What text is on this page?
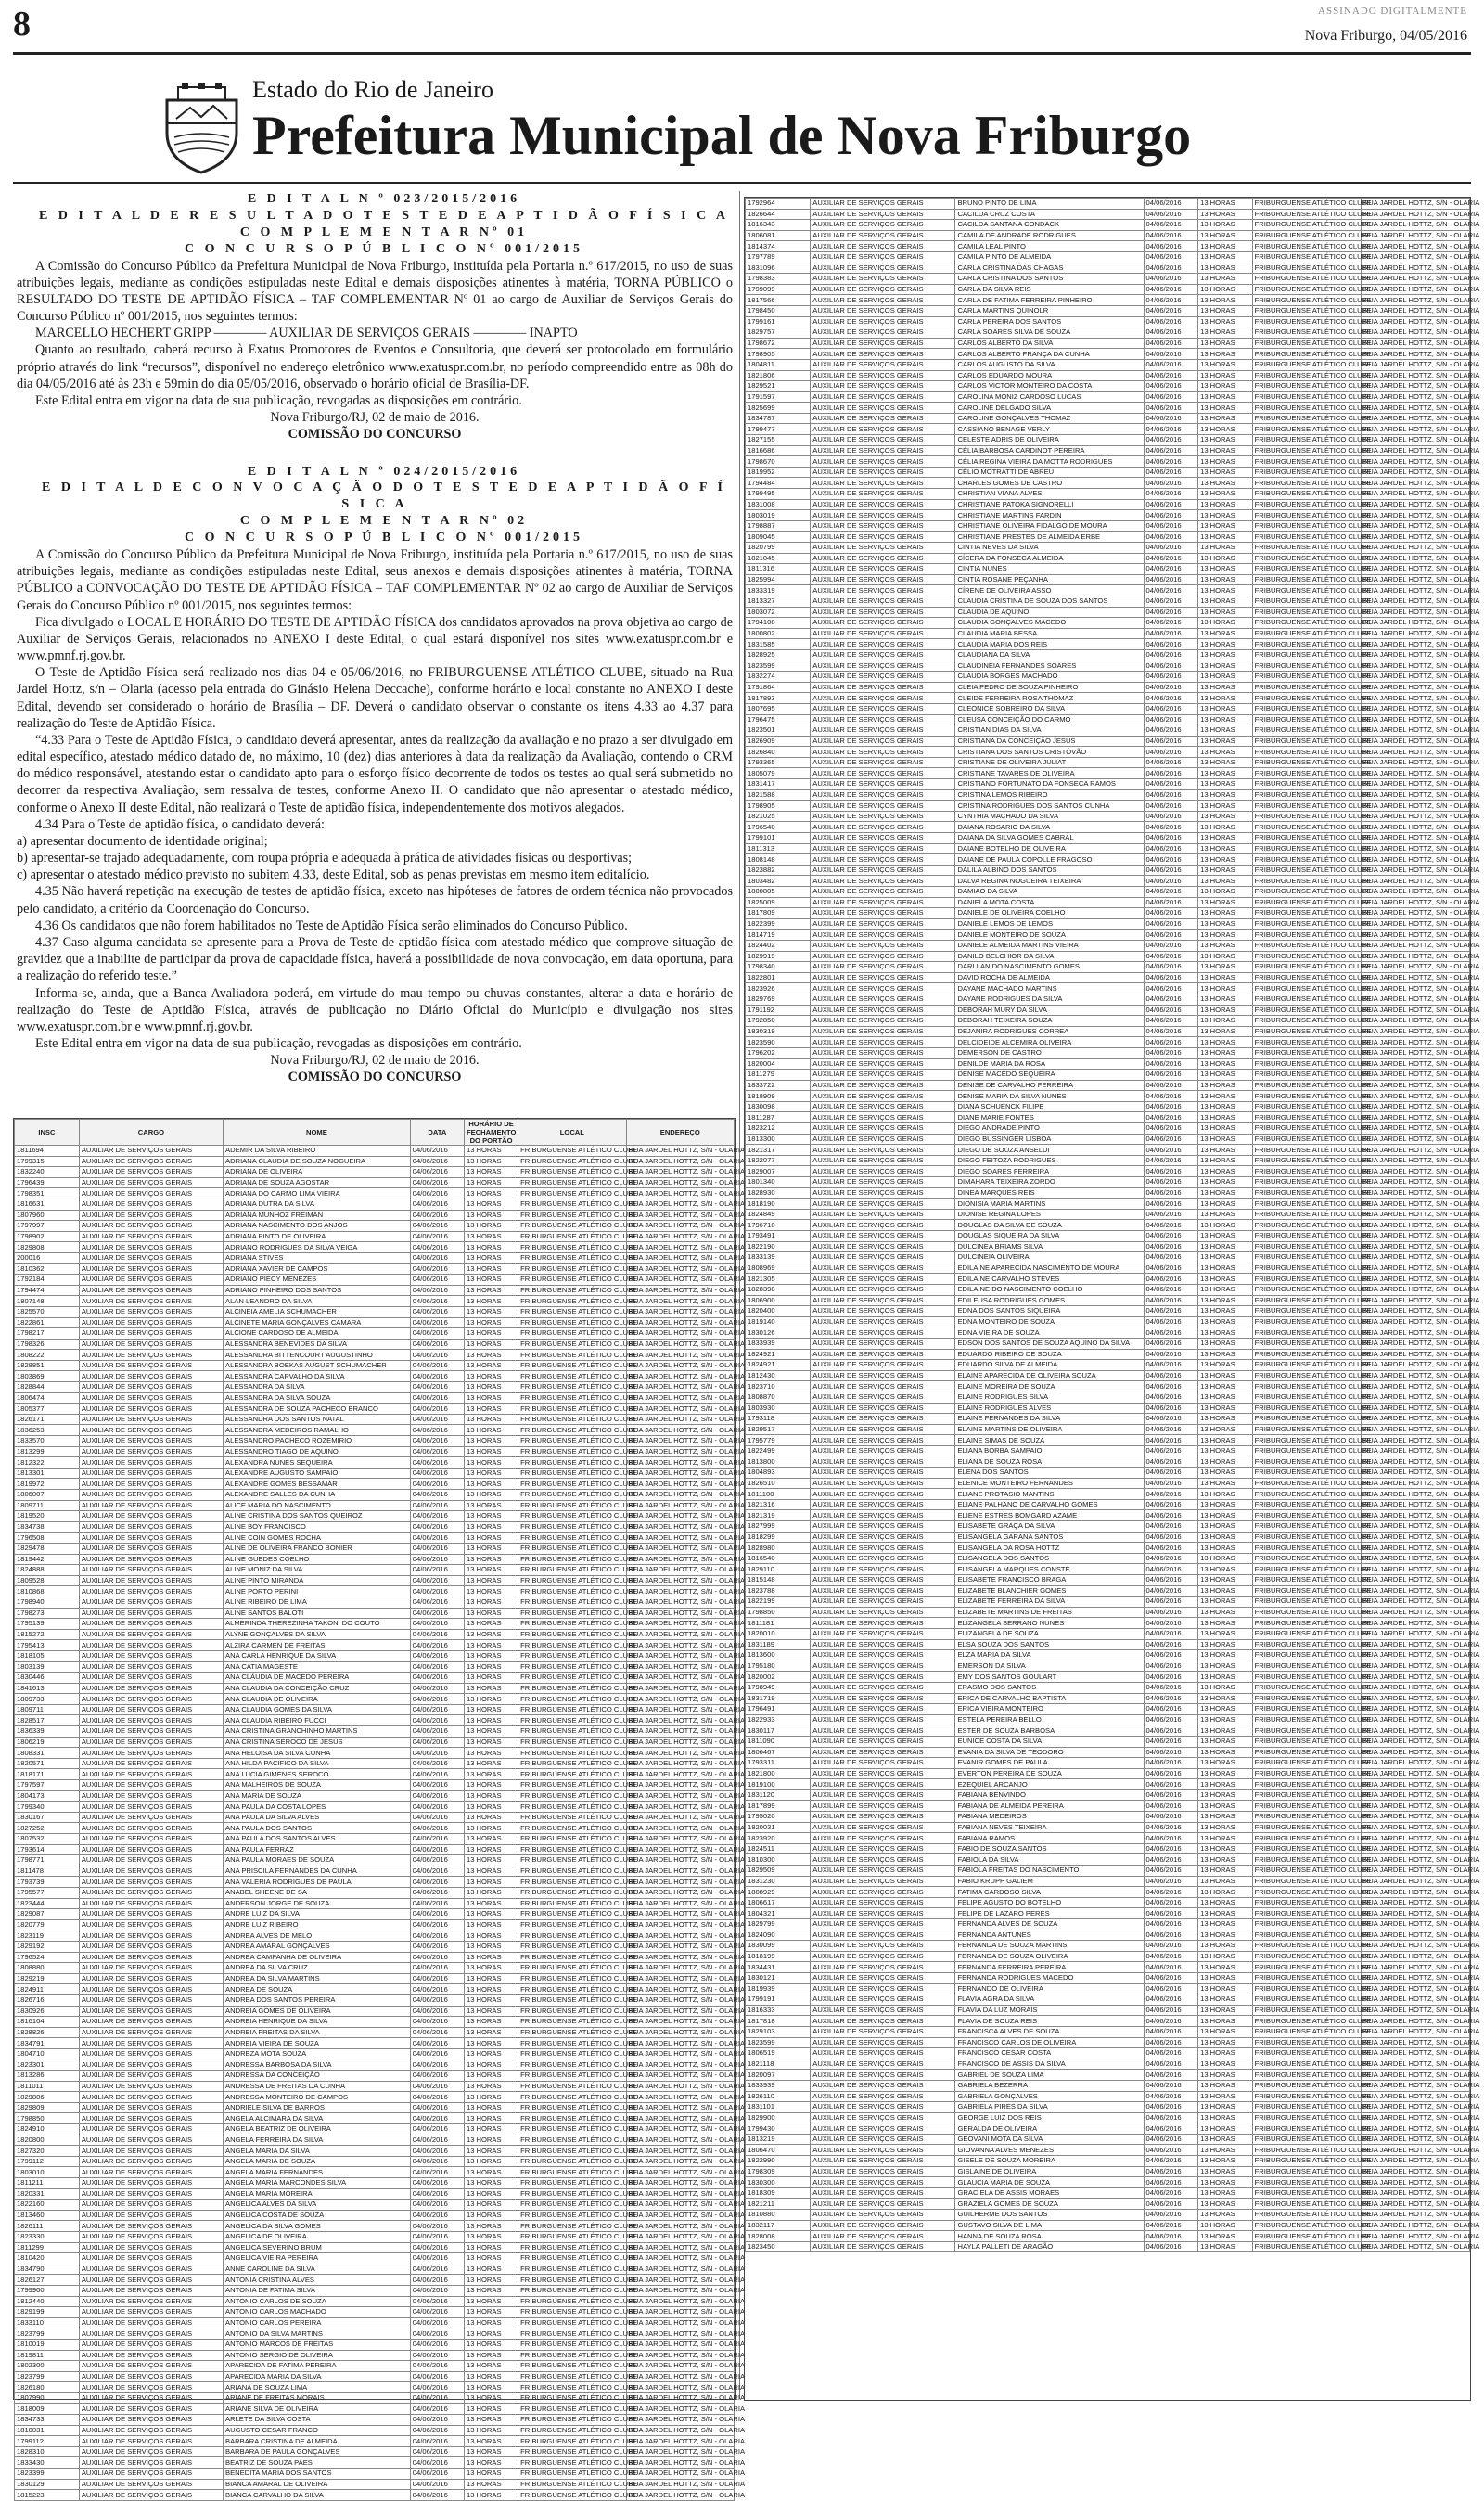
ASSINADO DIGITALMENTE
8	Nova Friburgo, 04/05/2016
Estado do Rio de Janeiro
Prefeitura Municipal de Nova Friburgo

E D I T A L N º 023/2015/2016

E D I T A L D E R E S U L T A D O T E S T E D E A P T I D Ã O F Í S I C A

C O M P L E M E N T A R Nº 01

C O N C U R S O P Ú B L I C O Nº 001/2015

A Comissão do Concurso Público da Prefeitura Municipal de Nova Friburgo, instituída pela Portaria n.º 617/2015, no uso de suas atribuições legais, mediante as condições estipuladas neste Edital e demais disposições atinentes à matéria, TORNA PÚBLICO o RESULTADO DO TESTE DE APTIDÃO FÍSICA – TAF COMPLEMENTAR Nº 01 ao cargo de Auxiliar de Serviços Gerais do Concurso Público nº 001/2015, nos seguintes termos:

MARCELLO HECHERT GRIPP ———— AUXILIAR DE SERVIÇOS GERAIS ———— INAPTO

Quanto ao resultado, caberá recurso à Exatus Promotores de Eventos e Consultoria, que deverá ser protocolado em formulário próprio através do link “recursos”, disponível no endereço eletrônico www.exatuspr.com.br, no período compreendido entre as 08h do dia 04/05/2016 até às 23h e 59min do dia 05/05/2016, observado o horário oficial de Brasília-DF.

Este Edital entra em vigor na data de sua publicação, revogadas as disposições em contrário.

Nova Friburgo/RJ, 02 de maio de 2016.

COMISSÃO DO CONCURSO

E D I T A L N º 024/2015/2016

E D I T A L D E C O N V O C A Ç Ã O D O T E S T E D E A P T I D Ã O F Í S I C A

C O M P L E M E N T A R Nº 02

C O N C U R S O P Ú B L I C O Nº 001/2015

A Comissão do Concurso Público da Prefeitura Municipal de Nova Friburgo, instituída pela Portaria n.º 617/2015, no uso de suas atribuições legais, mediante as condições estipuladas neste Edital, seus anexos e demais disposições atinentes à matéria, TORNA PÚBLICO a CONVOCAÇÃO DO TESTE DE APTIDÃO FÍSICA – TAF COMPLEMENTAR Nº 02 ao cargo de Auxiliar de Serviços Gerais do Concurso Público nº 001/2015, nos seguintes termos:

Fica divulgado o LOCAL E HORÁRIO DO TESTE DE APTIDÃO FÍSICA dos candidatos aprovados na prova objetiva ao cargo de Auxiliar de Serviços Gerais, relacionados no ANEXO I deste Edital, o qual estará disponível nos sites www.exatuspr.com.br e www.pmnf.rj.gov.br.

O Teste de Aptidão Física será realizado nos dias 04 e 05/06/2016, no FRIBURGUENSE ATLÉTICO CLUBE, situado na Rua Jardel Hottz, s/n – Olaria (acesso pela entrada do Ginásio Helena Deccache), conforme horário e local constante no ANEXO I deste Edital, devendo ser considerado o horário de Brasília – DF. Deverá o candidato observar o constante os itens 4.33 ao 4.37 para realização do Teste de Aptidão Física.

“4.33 Para o Teste de Aptidão Física, o candidato deverá apresentar, antes da realização da avaliação e no prazo a ser divulgado em edital específico, atestado médico datado de, no máximo, 10 (dez) dias anteriores à data da realização da Avaliação, contendo o CRM do médico responsável, atestando estar o candidato apto para o esforço físico decorrente de todos os testes ao qual será submetido no decorrer da respectiva Avaliação, sem ressalva de testes, conforme Anexo II. O candidato que não apresentar o atestado médico, conforme o Anexo II deste Edital, não realizará o Teste de aptidão física, independentemente dos motivos alegados.

4.34 Para o Teste de aptidão física, o candidato deverá:

a) apresentar documento de identidade original;

b) apresentar-se trajado adequadamente, com roupa própria e adequada à prática de atividades físicas ou desportivas;

c) apresentar o atestado médico previsto no subitem 4.33, deste Edital, sob as penas previstas em mesmo item editalício.

4.35 Não haverá repetição na execução de testes de aptidão física, exceto nas hipóteses de fatores de ordem técnica não provocados pelo candidato, a critério da Coordenação do Concurso.

4.36 Os candidatos que não forem habilitados no Teste de Aptidão Física serão eliminados do Concurso Público.

4.37 Caso alguma candidata se apresente para a Prova de Teste de aptidão física com atestado médico que comprove situação de gravidez que a inabilite de participar da prova de capacidade física, haverá a possibilidade de nova convocação, em data oportuna, para a realização do referido teste.”

Informa-se, ainda, que a Banca Avaliadora poderá, em virtude do mau tempo ou chuvas constantes, alterar a data e horário de realização do Teste de Aptidão Física, através de publicação no Diário Oficial do Município e divulgação nos sites www.exatuspr.com.br e www.pmnf.rj.gov.br.

Este Edital entra em vigor na data de sua publicação, revogadas as disposições em contrário.

Nova Friburgo/RJ, 02 de maio de 2016.

COMISSÃO DO CONCURSO

INSC	CARGO	NOME	DATA	HORÁRIO DE FECHAMENTO DO PORTÃO	LOCAL	ENDEREÇO
1811694	AUXILIAR DE SERVIÇOS GERAIS	ADEMIR DA SILVA RIBEIRO	04/06/2016	13 HORAS	FRIBURGUENSE ATLÉTICO CLUBE	RUA JARDEL HOTTZ, S/N - OLARIA
1799315	AUXILIAR DE SERVIÇOS GERAIS	ADRIANA CLAUDIA DE SOUZA NOGUEIRA	04/06/2016	13 HORAS	FRIBURGUENSE ATLÉTICO CLUBE	RUA JARDEL HOTTZ, S/N - OLARIA
1832240	AUXILIAR DE SERVIÇOS GERAIS	ADRIANA DE OLIVEIRA	04/06/2016	13 HORAS	FRIBURGUENSE ATLÉTICO CLUBE	RUA JARDEL HOTTZ, S/N - OLARIA
1796439	AUXILIAR DE SERVIÇOS GERAIS	ADRIANA DE SOUZA AGOSTAR	04/06/2016	13 HORAS	FRIBURGUENSE ATLÉTICO CLUBE	RUA JARDEL HOTTZ, S/N - OLARIA
1798351	AUXILIAR DE SERVIÇOS GERAIS	ADRIANA DO CARMO LIMA VIEIRA	04/06/2016	13 HORAS	FRIBURGUENSE ATLÉTICO CLUBE	RUA JARDEL HOTTZ, S/N - OLARIA
1816631	AUXILIAR DE SERVIÇOS GERAIS	ADRIANA DUTRA DA SILVA	04/06/2016	13 HORAS	FRIBURGUENSE ATLÉTICO CLUBE	RUA JARDEL HOTTZ, S/N - OLARIA
1807960	AUXILIAR DE SERVIÇOS GERAIS	ADRIANA MUNHOZ FREIMAN	04/06/2016	13 HORAS	FRIBURGUENSE ATLÉTICO CLUBE	RUA JARDEL HOTTZ, S/N - OLARIA
1797997	AUXILIAR DE SERVIÇOS GERAIS	ADRIANA NASCIMENTO DOS ANJOS	04/06/2016	13 HORAS	FRIBURGUENSE ATLÉTICO CLUBE	RUA JARDEL HOTTZ, S/N - OLARIA
1798902	AUXILIAR DE SERVIÇOS GERAIS	ADRIANA PINTO DE OLIVEIRA	04/06/2016	13 HORAS	FRIBURGUENSE ATLÉTICO CLUBE	RUA JARDEL HOTTZ, S/N - OLARIA
1829808	AUXILIAR DE SERVIÇOS GERAIS	ADRIANO RODRIGUES DA SILVA VEIGA	04/06/2016	13 HORAS	FRIBURGUENSE ATLÉTICO CLUBE	RUA JARDEL HOTTZ, S/N - OLARIA
200016	AUXILIAR DE SERVIÇOS GERAIS	ADRIANA STIVES	04/06/2016	13 HORAS	FRIBURGUENSE ATLÉTICO CLUBE	RUA JARDEL HOTTZ, S/N - OLARIA
1810362	AUXILIAR DE SERVIÇOS GERAIS	ADRIANA XAVIER DE CAMPOS	04/06/2016	13 HORAS	FRIBURGUENSE ATLÉTICO CLUBE	RUA JARDEL HOTTZ, S/N - OLARIA
1792184	AUXILIAR DE SERVIÇOS GERAIS	ADRIANO PIECY MENEZES	04/06/2016	13 HORAS	FRIBURGUENSE ATLÉTICO CLUBE	RUA JARDEL HOTTZ, S/N - OLARIA
1794474	AUXILIAR DE SERVIÇOS GERAIS	ADRIANO PINHEIRO DOS SANTOS	04/06/2016	13 HORAS	FRIBURGUENSE ATLÉTICO CLUBE	RUA JARDEL HOTTZ, S/N - OLARIA
1807148	AUXILIAR DE SERVIÇOS GERAIS	ALAN LEANDRO DA SILVA	04/06/2016	13 HORAS	FRIBURGUENSE ATLÉTICO CLUBE	RUA JARDEL HOTTZ, S/N - OLARIA
1825570	AUXILIAR DE SERVIÇOS GERAIS	ALCINEIA AMELIA SCHUMACHER	04/06/2016	13 HORAS	FRIBURGUENSE ATLÉTICO CLUBE	RUA JARDEL HOTTZ, S/N - OLARIA
1822861	AUXILIAR DE SERVIÇOS GERAIS	ALCINETE MARIA GONÇALVES CAMARA	04/06/2016	13 HORAS	FRIBURGUENSE ATLÉTICO CLUBE	RUA JARDEL HOTTZ, S/N - OLARIA
1798217	AUXILIAR DE SERVIÇOS GERAIS	ALCIONE CARDOSO DE ALMEIDA	04/06/2016	13 HORAS	FRIBURGUENSE ATLÉTICO CLUBE	RUA JARDEL HOTTZ, S/N - OLARIA
1798326	AUXILIAR DE SERVIÇOS GERAIS	ALESSANDRA BENEVIDES DA SILVA	04/06/2016	13 HORAS	FRIBURGUENSE ATLÉTICO CLUBE	RUA JARDEL HOTTZ, S/N - OLARIA
1808222	AUXILIAR DE SERVIÇOS GERAIS	ALESSANDRA BITTENCOURT AUGUSTINHO	04/06/2016	13 HORAS	FRIBURGUENSE ATLÉTICO CLUBE	RUA JARDEL HOTTZ, S/N - OLARIA
1828851	AUXILIAR DE SERVIÇOS GERAIS	ALESSANDRA BOEKAS AUGUST SCHUMACHER	04/06/2016	13 HORAS	FRIBURGUENSE ATLÉTICO CLUBE	RUA JARDEL HOTTZ, S/N - OLARIA
1803869	AUXILIAR DE SERVIÇOS GERAIS	ALESSANDRA CARVALHO DA SILVA	04/06/2016	13 HORAS	FRIBURGUENSE ATLÉTICO CLUBE	RUA JARDEL HOTTZ, S/N - OLARIA
1828844	AUXILIAR DE SERVIÇOS GERAIS	ALESSANDRA DA SILVA	04/06/2016	13 HORAS	FRIBURGUENSE ATLÉTICO CLUBE	RUA JARDEL HOTTZ, S/N - OLARIA
1806474	AUXILIAR DE SERVIÇOS GERAIS	ALESSANDRA DA SILVA SOUZA	04/06/2016	13 HORAS	FRIBURGUENSE ATLÉTICO CLUBE	RUA JARDEL HOTTZ, S/N - OLARIA
1805377	AUXILIAR DE SERVIÇOS GERAIS	ALESSANDRA DE SOUZA PACHECO BRANCO	04/06/2016	13 HORAS	FRIBURGUENSE ATLÉTICO CLUBE	RUA JARDEL HOTTZ, S/N - OLARIA
1826171	AUXILIAR DE SERVIÇOS GERAIS	ALESSANDRA DOS SANTOS NATAL	04/06/2016	13 HORAS	FRIBURGUENSE ATLÉTICO CLUBE	RUA JARDEL HOTTZ, S/N - OLARIA
1836253	AUXILIAR DE SERVIÇOS GERAIS	ALESSANDRA MEDEIROS RAMALHO	04/06/2016	13 HORAS	FRIBURGUENSE ATLÉTICO CLUBE	RUA JARDEL HOTTZ, S/N - OLARIA
1833570	AUXILIAR DE SERVIÇOS GERAIS	ALESSANDRO PACHECO ROZEMIRIO	04/06/2016	13 HORAS	FRIBURGUENSE ATLÉTICO CLUBE	RUA JARDEL HOTTZ, S/N - OLARIA
1813299	AUXILIAR DE SERVIÇOS GERAIS	ALESSANDRO TIAGO DE AQUINO	04/06/2016	13 HORAS	FRIBURGUENSE ATLÉTICO CLUBE	RUA JARDEL HOTTZ, S/N - OLARIA
1812322	AUXILIAR DE SERVIÇOS GERAIS	ALEXANDRA NUNES SEQUEIRA	04/06/2016	13 HORAS	FRIBURGUENSE ATLÉTICO CLUBE	RUA JARDEL HOTTZ, S/N - OLARIA
1813301	AUXILIAR DE SERVIÇOS GERAIS	ALEXANDRE AUGUSTO SAMPAIO	04/06/2016	13 HORAS	FRIBURGUENSE ATLÉTICO CLUBE	RUA JARDEL HOTTZ, S/N - OLARIA
1819972	AUXILIAR DE SERVIÇOS GERAIS	ALEXANDRE GOMES BESSAMAR	04/06/2016	13 HORAS	FRIBURGUENSE ATLÉTICO CLUBE	RUA JARDEL HOTTZ, S/N - OLARIA
1806007	AUXILIAR DE SERVIÇOS GERAIS	ALEXANDRE SALLES DA CUNHA	04/06/2016	13 HORAS	FRIBURGUENSE ATLÉTICO CLUBE	RUA JARDEL HOTTZ, S/N - OLARIA
1809711	AUXILIAR DE SERVIÇOS GERAIS	ALICE MARIA DO NASCIMENTO	04/06/2016	13 HORAS	FRIBURGUENSE ATLÉTICO CLUBE	RUA JARDEL HOTTZ, S/N - OLARIA
1819520	AUXILIAR DE SERVIÇOS GERAIS	ALINE CRISTINA DOS SANTOS QUEIROZ	04/06/2016	13 HORAS	FRIBURGUENSE ATLÉTICO CLUBE	RUA JARDEL HOTTZ, S/N - OLARIA
1834738	AUXILIAR DE SERVIÇOS GERAIS	ALINE BOY FRANCISCO	04/06/2016	13 HORAS	FRIBURGUENSE ATLÉTICO CLUBE	RUA JARDEL HOTTZ, S/N - OLARIA
1796508	AUXILIAR DE SERVIÇOS GERAIS	ALINE COIN GOMES ROCHA	04/06/2016	13 HORAS	FRIBURGUENSE ATLÉTICO CLUBE	RUA JARDEL HOTTZ, S/N - OLARIA
1829478	AUXILIAR DE SERVIÇOS GERAIS	ALINE DE OLIVEIRA FRANCO BONIER	04/06/2016	13 HORAS	FRIBURGUENSE ATLÉTICO CLUBE	RUA JARDEL HOTTZ, S/N - OLARIA
1819442	AUXILIAR DE SERVIÇOS GERAIS	ALINE GUEDES COELHO	04/06/2016	13 HORAS	FRIBURGUENSE ATLÉTICO CLUBE	RUA JARDEL HOTTZ, S/N - OLARIA
1824888	AUXILIAR DE SERVIÇOS GERAIS	ALINE MONIZ DA SILVA	04/06/2016	13 HORAS	FRIBURGUENSE ATLÉTICO CLUBE	RUA JARDEL HOTTZ, S/N - OLARIA
1809528	AUXILIAR DE SERVIÇOS GERAIS	ALINE PINTO MIRANDA	04/06/2016	13 HORAS	FRIBURGUENSE ATLÉTICO CLUBE	RUA JARDEL HOTTZ, S/N - OLARIA
1810868	AUXILIAR DE SERVIÇOS GERAIS	ALINE PORTO PERINI	04/06/2016	13 HORAS	FRIBURGUENSE ATLÉTICO CLUBE	RUA JARDEL HOTTZ, S/N - OLARIA
1798940	AUXILIAR DE SERVIÇOS GERAIS	ALINE RIBEIRO DE LIMA	04/06/2016	13 HORAS	FRIBURGUENSE ATLÉTICO CLUBE	RUA JARDEL HOTTZ, S/N - OLARIA
1798273	AUXILIAR DE SERVIÇOS GERAIS	ALINE SANTOS BALOTI	04/06/2016	13 HORAS	FRIBURGUENSE ATLÉTICO CLUBE	RUA JARDEL HOTTZ, S/N - OLARIA
1795139	AUXILIAR DE SERVIÇOS GERAIS	ALMERINDA THEREZINHA TAKONI DO COUTO	04/06/2016	13 HORAS	FRIBURGUENSE ATLÉTICO CLUBE	RUA JARDEL HOTTZ, S/N - OLARIA
1815272	AUXILIAR DE SERVIÇOS GERAIS	ALYNE GONÇALVES DA SILVA	04/06/2016	13 HORAS	FRIBURGUENSE ATLÉTICO CLUBE	RUA JARDEL HOTTZ, S/N - OLARIA
1795413	AUXILIAR DE SERVIÇOS GERAIS	ALZIRA CARMEN DE FREITAS	04/06/2016	13 HORAS	FRIBURGUENSE ATLÉTICO CLUBE	RUA JARDEL HOTTZ, S/N - OLARIA
1818105	AUXILIAR DE SERVIÇOS GERAIS	ANA CARLA HENRIQUE DA SILVA	04/06/2016	13 HORAS	FRIBURGUENSE ATLÉTICO CLUBE	RUA JARDEL HOTTZ, S/N - OLARIA
1803139	AUXILIAR DE SERVIÇOS GERAIS	ANA CATIA MAGESTE	04/06/2016	13 HORAS	FRIBURGUENSE ATLÉTICO CLUBE	RUA JARDEL HOTTZ, S/N - OLARIA
1830446	AUXILIAR DE SERVIÇOS GERAIS	ANA CLÁUDIA DE MACEDO PEREIRA	04/06/2016	13 HORAS	FRIBURGUENSE ATLÉTICO CLUBE	RUA JARDEL HOTTZ, S/N - OLARIA
1841613	AUXILIAR DE SERVIÇOS GERAIS	ANA CLAUDIA DA CONCEIÇÃO CRUZ	04/06/2016	13 HORAS	FRIBURGUENSE ATLÉTICO CLUBE	RUA JARDEL HOTTZ, S/N - OLARIA
1809733	AUXILIAR DE SERVIÇOS GERAIS	ANA CLAUDIA DE OLIVEIRA	04/06/2016	13 HORAS	FRIBURGUENSE ATLÉTICO CLUBE	RUA JARDEL HOTTZ, S/N - OLARIA
1809711	AUXILIAR DE SERVIÇOS GERAIS	ANA CLAUDIA GOMES DA SILVA	04/06/2016	13 HORAS	FRIBURGUENSE ATLÉTICO CLUBE	RUA JARDEL HOTTZ, S/N - OLARIA
1828517	AUXILIAR DE SERVIÇOS GERAIS	ANA CLAUDIA RIBEIRO FUCCI	04/06/2016	13 HORAS	FRIBURGUENSE ATLÉTICO CLUBE	RUA JARDEL HOTTZ, S/N - OLARIA
1836339	AUXILIAR DE SERVIÇOS GERAIS	ANA CRISTINA GRANCHINHO MARTINS	04/06/2016	13 HORAS	FRIBURGUENSE ATLÉTICO CLUBE	RUA JARDEL HOTTZ, S/N - OLARIA
1806219	AUXILIAR DE SERVIÇOS GERAIS	ANA CRISTINA SEROCO DE JESUS	04/06/2016	13 HORAS	FRIBURGUENSE ATLÉTICO CLUBE	RUA JARDEL HOTTZ, S/N - OLARIA
1808331	AUXILIAR DE SERVIÇOS GERAIS	ANA HELOISA DA SILVA CUNHA	04/06/2016	13 HORAS	FRIBURGUENSE ATLÉTICO CLUBE	RUA JARDEL HOTTZ, S/N - OLARIA
1820571	AUXILIAR DE SERVIÇOS GERAIS	ANA HILDA PACIFICO DA SILVA	04/06/2016	13 HORAS	FRIBURGUENSE ATLÉTICO CLUBE	RUA JARDEL HOTTZ, S/N - OLARIA
1818171	AUXILIAR DE SERVIÇOS GERAIS	ANA LUCIA GIMENES SEROCO	04/06/2016	13 HORAS	FRIBURGUENSE ATLÉTICO CLUBE	RUA JARDEL HOTTZ, S/N - OLARIA
1797597	AUXILIAR DE SERVIÇOS GERAIS	ANA MALHEIROS DE SOUZA	04/06/2016	13 HORAS	FRIBURGUENSE ATLÉTICO CLUBE	RUA JARDEL HOTTZ, S/N - OLARIA
1804173	AUXILIAR DE SERVIÇOS GERAIS	ANA MARIA DE SOUZA	04/06/2016	13 HORAS	FRIBURGUENSE ATLÉTICO CLUBE	RUA JARDEL HOTTZ, S/N - OLARIA
1799340	AUXILIAR DE SERVIÇOS GERAIS	ANA PAULA DA COSTA LOPES	04/06/2016	13 HORAS	FRIBURGUENSE ATLÉTICO CLUBE	RUA JARDEL HOTTZ, S/N - OLARIA
1830167	AUXILIAR DE SERVIÇOS GERAIS	ANA PAULA DA SILVA ALVES	04/06/2016	13 HORAS	FRIBURGUENSE ATLÉTICO CLUBE	RUA JARDEL HOTTZ, S/N - OLARIA
1827252	AUXILIAR DE SERVIÇOS GERAIS	ANA PAULA DOS SANTOS	04/06/2016	13 HORAS	FRIBURGUENSE ATLÉTICO CLUBE	RUA JARDEL HOTTZ, S/N - OLARIA
1807532	AUXILIAR DE SERVIÇOS GERAIS	ANA PAULA DOS SANTOS ALVES	04/06/2016	13 HORAS	FRIBURGUENSE ATLÉTICO CLUBE	RUA JARDEL HOTTZ, S/N - OLARIA
1793614	AUXILIAR DE SERVIÇOS GERAIS	ANA PAULA FERRAZ	04/06/2016	13 HORAS	FRIBURGUENSE ATLÉTICO CLUBE	RUA JARDEL HOTTZ, S/N - OLARIA
1798771	AUXILIAR DE SERVIÇOS GERAIS	ANA PAULA MORAES DE SOUZA	04/06/2016	13 HORAS	FRIBURGUENSE ATLÉTICO CLUBE	RUA JARDEL HOTTZ, S/N - OLARIA
1811478	AUXILIAR DE SERVIÇOS GERAIS	ANA PRISCILA FERNANDES DA CUNHA	04/06/2016	13 HORAS	FRIBURGUENSE ATLÉTICO CLUBE	RUA JARDEL HOTTZ, S/N - OLARIA
1793739	AUXILIAR DE SERVIÇOS GERAIS	ANA VALERIA RODRIGUES DE PAULA	04/06/2016	13 HORAS	FRIBURGUENSE ATLÉTICO CLUBE	RUA JARDEL HOTTZ, S/N - OLARIA
1795577	AUXILIAR DE SERVIÇOS GERAIS	ANABEL SHEENE DE SA	04/06/2016	13 HORAS	FRIBURGUENSE ATLÉTICO CLUBE	RUA JARDEL HOTTZ, S/N - OLARIA
1823444	AUXILIAR DE SERVIÇOS GERAIS	ANDERSON JORGE DE SOUZA	04/06/2016	13 HORAS	FRIBURGUENSE ATLÉTICO CLUBE	RUA JARDEL HOTTZ, S/N - OLARIA
1829087	AUXILIAR DE SERVIÇOS GERAIS	ANDRE LUIZ DA SILVA	04/06/2016	13 HORAS	FRIBURGUENSE ATLÉTICO CLUBE	RUA JARDEL HOTTZ, S/N - OLARIA
1820779	AUXILIAR DE SERVIÇOS GERAIS	ANDRE LUIZ RIBEIRO	04/06/2016	13 HORAS	FRIBURGUENSE ATLÉTICO CLUBE	RUA JARDEL HOTTZ, S/N - OLARIA
1823119	AUXILIAR DE SERVIÇOS GERAIS	ANDREA ALVES DE MELO	04/06/2016	13 HORAS	FRIBURGUENSE ATLÉTICO CLUBE	RUA JARDEL HOTTZ, S/N - OLARIA
1829192	AUXILIAR DE SERVIÇOS GERAIS	ANDREA AMARAL GONÇALVES	04/06/2016	13 HORAS	FRIBURGUENSE ATLÉTICO CLUBE	RUA JARDEL HOTTZ, S/N - OLARIA
1796524	AUXILIAR DE SERVIÇOS GERAIS	ANDREA CAMPANHA DE OLIVEIRA	04/06/2016	13 HORAS	FRIBURGUENSE ATLÉTICO CLUBE	RUA JARDEL HOTTZ, S/N - OLARIA
1808880	AUXILIAR DE SERVIÇOS GERAIS	ANDREA DA SILVA CRUZ	04/06/2016	13 HORAS	FRIBURGUENSE ATLÉTICO CLUBE	RUA JARDEL HOTTZ, S/N - OLARIA
1829219	AUXILIAR DE SERVIÇOS GERAIS	ANDREA DA SILVA MARTINS	04/06/2016	13 HORAS	FRIBURGUENSE ATLÉTICO CLUBE	RUA JARDEL HOTTZ, S/N - OLARIA
1824911	AUXILIAR DE SERVIÇOS GERAIS	ANDREA DE SOUZA	04/06/2016	13 HORAS	FRIBURGUENSE ATLÉTICO CLUBE	RUA JARDEL HOTTZ, S/N - OLARIA
1826716	AUXILIAR DE SERVIÇOS GERAIS	ANDREA DOS SANTOS PEREIRA	04/06/2016	13 HORAS	FRIBURGUENSE ATLÉTICO CLUBE	RUA JARDEL HOTTZ, S/N - OLARIA
1830926	AUXILIAR DE SERVIÇOS GERAIS	ANDREIA GOMES DE OLIVEIRA	04/06/2016	13 HORAS	FRIBURGUENSE ATLÉTICO CLUBE	RUA JARDEL HOTTZ, S/N - OLARIA
1816104	AUXILIAR DE SERVIÇOS GERAIS	ANDREIA HENRIQUE DA SILVA	04/06/2016	13 HORAS	FRIBURGUENSE ATLÉTICO CLUBE	RUA JARDEL HOTTZ, S/N - OLARIA
1828826	AUXILIAR DE SERVIÇOS GERAIS	ANDREIA FREITAS DA SILVA	04/06/2016	13 HORAS	FRIBURGUENSE ATLÉTICO CLUBE	RUA JARDEL HOTTZ, S/N - OLARIA
1834791	AUXILIAR DE SERVIÇOS GERAIS	ANDREIA VIEIRA DE SOUZA	04/06/2016	13 HORAS	FRIBURGUENSE ATLÉTICO CLUBE	RUA JARDEL HOTTZ, S/N - OLARIA
1804710	AUXILIAR DE SERVIÇOS GERAIS	ANDREZA MOTA SOUZA	04/06/2016	13 HORAS	FRIBURGUENSE ATLÉTICO CLUBE	RUA JARDEL HOTTZ, S/N - OLARIA
1823301	AUXILIAR DE SERVIÇOS GERAIS	ANDRESSA BARBOSA DA SILVA	04/06/2016	13 HORAS	FRIBURGUENSE ATLÉTICO CLUBE	RUA JARDEL HOTTZ, S/N - OLARIA
1813286	AUXILIAR DE SERVIÇOS GERAIS	ANDRESSA DA CONCEIÇÃO	04/06/2016	13 HORAS	FRIBURGUENSE ATLÉTICO CLUBE	RUA JARDEL HOTTZ, S/N - OLARIA
1811011	AUXILIAR DE SERVIÇOS GERAIS	ANDRESSA DE FREITAS DA CUNHA	04/06/2016	13 HORAS	FRIBURGUENSE ATLÉTICO CLUBE	RUA JARDEL HOTTZ, S/N - OLARIA
1829806	AUXILIAR DE SERVIÇOS GERAIS	ANDRESSA MONTEIRO DE CAMPOS	04/06/2016	13 HORAS	FRIBURGUENSE ATLÉTICO CLUBE	RUA JARDEL HOTTZ, S/N - OLARIA
1829809	AUXILIAR DE SERVIÇOS GERAIS	ANDRIELE SILVA DE BARROS	04/06/2016	13 HORAS	FRIBURGUENSE ATLÉTICO CLUBE	RUA JARDEL HOTTZ, S/N - OLARIA
1798850	AUXILIAR DE SERVIÇOS GERAIS	ANGELA ALCIMARA DA SILVA	04/06/2016	13 HORAS	FRIBURGUENSE ATLÉTICO CLUBE	RUA JARDEL HOTTZ, S/N - OLARIA
1824910	AUXILIAR DE SERVIÇOS GERAIS	ANGELA BEATRIZ DE OLIVEIRA	04/06/2016	13 HORAS	FRIBURGUENSE ATLÉTICO CLUBE	RUA JARDEL HOTTZ, S/N - OLARIA
1820800	AUXILIAR DE SERVIÇOS GERAIS	ANGELA FERREIRA DA SILVA	04/06/2016	13 HORAS	FRIBURGUENSE ATLÉTICO CLUBE	RUA JARDEL HOTTZ, S/N - OLARIA
1827320	AUXILIAR DE SERVIÇOS GERAIS	ANGELA MARIA DA SILVA	04/06/2016	13 HORAS	FRIBURGUENSE ATLÉTICO CLUBE	RUA JARDEL HOTTZ, S/N - OLARIA
1799112	AUXILIAR DE SERVIÇOS GERAIS	ANGELA MARIA DE SOUZA	04/06/2016	13 HORAS	FRIBURGUENSE ATLÉTICO CLUBE	RUA JARDEL HOTTZ, S/N - OLARIA
1803010	AUXILIAR DE SERVIÇOS GERAIS	ANGELA MARIA FERNANDES	04/06/2016	13 HORAS	FRIBURGUENSE ATLÉTICO CLUBE	RUA JARDEL HOTTZ, S/N - OLARIA
1811211	AUXILIAR DE SERVIÇOS GERAIS	ANGELA MARIA MARCONDES SILVA	04/06/2016	13 HORAS	FRIBURGUENSE ATLÉTICO CLUBE	RUA JARDEL HOTTZ, S/N - OLARIA
1820331	AUXILIAR DE SERVIÇOS GERAIS	ANGELA MARIA MOREIRA	04/06/2016	13 HORAS	FRIBURGUENSE ATLÉTICO CLUBE	RUA JARDEL HOTTZ, S/N - OLARIA
1822160	AUXILIAR DE SERVIÇOS GERAIS	ANGELICA ALVES DA SILVA	04/06/2016	13 HORAS	FRIBURGUENSE ATLÉTICO CLUBE	RUA JARDEL HOTTZ, S/N - OLARIA
1813460	AUXILIAR DE SERVIÇOS GERAIS	ANGELICA COSTA DE SOUZA	04/06/2016	13 HORAS	FRIBURGUENSE ATLÉTICO CLUBE	RUA JARDEL HOTTZ, S/N - OLARIA
1826111	AUXILIAR DE SERVIÇOS GERAIS	ANGELICA DA SILVA GOMES	04/06/2016	13 HORAS	FRIBURGUENSE ATLÉTICO CLUBE	RUA JARDEL HOTTZ, S/N - OLARIA
1823330	AUXILIAR DE SERVIÇOS GERAIS	ANGELICA DE OLIVEIRA	04/06/2016	13 HORAS	FRIBURGUENSE ATLÉTICO CLUBE	RUA JARDEL HOTTZ, S/N - OLARIA
1811299	AUXILIAR DE SERVIÇOS GERAIS	ANGELICA SEVERINO BRUM	04/06/2016	13 HORAS	FRIBURGUENSE ATLÉTICO CLUBE	RUA JARDEL HOTTZ, S/N - OLARIA
1810420	AUXILIAR DE SERVIÇOS GERAIS	ANGELICA VIEIRA PEREIRA	04/06/2016	13 HORAS	FRIBURGUENSE ATLÉTICO CLUBE	RUA JARDEL HOTTZ, S/N - OLARIA
1834790	AUXILIAR DE SERVIÇOS GERAIS	ANNE CAROLINE DA SILVA	04/06/2016	13 HORAS	FRIBURGUENSE ATLÉTICO CLUBE	RUA JARDEL HOTTZ, S/N - OLARIA
1826127	AUXILIAR DE SERVIÇOS GERAIS	ANTONIA CRISTINA ALVES	04/06/2016	13 HORAS	FRIBURGUENSE ATLÉTICO CLUBE	RUA JARDEL HOTTZ, S/N - OLARIA
1799900	AUXILIAR DE SERVIÇOS GERAIS	ANTONIA DE FATIMA SILVA	04/06/2016	13 HORAS	FRIBURGUENSE ATLÉTICO CLUBE	RUA JARDEL HOTTZ, S/N - OLARIA
1812440	AUXILIAR DE SERVIÇOS GERAIS	ANTONIO CARLOS DE SOUZA	04/06/2016	13 HORAS	FRIBURGUENSE ATLÉTICO CLUBE	RUA JARDEL HOTTZ, S/N - OLARIA
1829199	AUXILIAR DE SERVIÇOS GERAIS	ANTONIO CARLOS MACHADO	04/06/2016	13 HORAS	FRIBURGUENSE ATLÉTICO CLUBE	RUA JARDEL HOTTZ, S/N - OLARIA
1833110	AUXILIAR DE SERVIÇOS GERAIS	ANTONIO CARLOS PEREIRA	04/06/2016	13 HORAS	FRIBURGUENSE ATLÉTICO CLUBE	RUA JARDEL HOTTZ, S/N - OLARIA
1823799	AUXILIAR DE SERVIÇOS GERAIS	ANTONIO DA SILVA MARTINS	04/06/2016	13 HORAS	FRIBURGUENSE ATLÉTICO CLUBE	RUA JARDEL HOTTZ, S/N - OLARIA
1810019	AUXILIAR DE SERVIÇOS GERAIS	ANTONIO MARCOS DE FREITAS	04/06/2016	13 HORAS	FRIBURGUENSE ATLÉTICO CLUBE	RUA JARDEL HOTTZ, S/N - OLARIA
1819811	AUXILIAR DE SERVIÇOS GERAIS	ANTONIO SERGIO DE OLIVEIRA	04/06/2016	13 HORAS	FRIBURGUENSE ATLÉTICO CLUBE	RUA JARDEL HOTTZ, S/N - OLARIA
1802300	AUXILIAR DE SERVIÇOS GERAIS	APARECIDA DE FATIMA PEREIRA	04/06/2016	13 HORAS	FRIBURGUENSE ATLÉTICO CLUBE	RUA JARDEL HOTTZ, S/N - OLARIA
1823799	AUXILIAR DE SERVIÇOS GERAIS	APARECIDA MARIA DA SILVA	04/06/2016	13 HORAS	FRIBURGUENSE ATLÉTICO CLUBE	RUA JARDEL HOTTZ, S/N - OLARIA
1826180	AUXILIAR DE SERVIÇOS GERAIS	ARIANA DE SOUZA LIMA	04/06/2016	13 HORAS	FRIBURGUENSE ATLÉTICO CLUBE	RUA JARDEL HOTTZ, S/N - OLARIA
1807990	AUXILIAR DE SERVIÇOS GERAIS	ARIANE DE FREITAS MORAIS	04/06/2016	13 HORAS	FRIBURGUENSE ATLÉTICO CLUBE	RUA JARDEL HOTTZ, S/N - OLARIA
1818009	AUXILIAR DE SERVIÇOS GERAIS	ARIANE SILVA DE OLIVEIRA	04/06/2016	13 HORAS	FRIBURGUENSE ATLÉTICO CLUBE	RUA JARDEL HOTTZ, S/N - OLARIA
1834733	AUXILIAR DE SERVIÇOS GERAIS	ARLETE DA SILVA COSTA	04/06/2016	13 HORAS	FRIBURGUENSE ATLÉTICO CLUBE	RUA JARDEL HOTTZ, S/N - OLARIA
1810031	AUXILIAR DE SERVIÇOS GERAIS	AUGUSTO CESAR FRANCO	04/06/2016	13 HORAS	FRIBURGUENSE ATLÉTICO CLUBE	RUA JARDEL HOTTZ, S/N - OLARIA
1799112	AUXILIAR DE SERVIÇOS GERAIS	BARBARA CRISTINA DE ALMEIDA	04/06/2016	13 HORAS	FRIBURGUENSE ATLÉTICO CLUBE	RUA JARDEL HOTTZ, S/N - OLARIA
1828310	AUXILIAR DE SERVIÇOS GERAIS	BARBARA DE PAULA GONÇALVES	04/06/2016	13 HORAS	FRIBURGUENSE ATLÉTICO CLUBE	RUA JARDEL HOTTZ, S/N - OLARIA
1833430	AUXILIAR DE SERVIÇOS GERAIS	BEATRIZ DE SOUZA PAES	04/06/2016	13 HORAS	FRIBURGUENSE ATLÉTICO CLUBE	RUA JARDEL HOTTZ, S/N - OLARIA
1823399	AUXILIAR DE SERVIÇOS GERAIS	BENEDITA MARIA DOS SANTOS	04/06/2016	13 HORAS	FRIBURGUENSE ATLÉTICO CLUBE	RUA JARDEL HOTTZ, S/N - OLARIA
1830129	AUXILIAR DE SERVIÇOS GERAIS	BIANCA AMARAL DE OLIVEIRA	04/06/2016	13 HORAS	FRIBURGUENSE ATLÉTICO CLUBE	RUA JARDEL HOTTZ, S/N - OLARIA
1815223	AUXILIAR DE SERVIÇOS GERAIS	BIANCA CARVALHO DA SILVA	04/06/2016	13 HORAS	FRIBURGUENSE ATLÉTICO CLUBE	RUA JARDEL HOTTZ, S/N - OLARIA
1792964	AUXILIAR DE SERVIÇOS GERAIS	BRUNO PINTO DE LIMA	04/06/2016	13 HORAS	FRIBURGUENSE ATLÉTICO CLUBE	RUA JARDEL HOTTZ, S/N - OLARIA
1826644	AUXILIAR DE SERVIÇOS GERAIS	CACILDA CRUZ COSTA	04/06/2016	13 HORAS	FRIBURGUENSE ATLÉTICO CLUBE	RUA JARDEL HOTTZ, S/N - OLARIA
1816343	AUXILIAR DE SERVIÇOS GERAIS	CACILDA SANTANA CONDACK	04/06/2016	13 HORAS	FRIBURGUENSE ATLÉTICO CLUBE	RUA JARDEL HOTTZ, S/N - OLARIA
1806081	AUXILIAR DE SERVIÇOS GERAIS	CAMILA DE ANDRADE RODRIGUES	04/06/2016	13 HORAS	FRIBURGUENSE ATLÉTICO CLUBE	RUA JARDEL HOTTZ, S/N - OLARIA
1814374	AUXILIAR DE SERVIÇOS GERAIS	CAMILA LEAL PINTO	04/06/2016	13 HORAS	FRIBURGUENSE ATLÉTICO CLUBE	RUA JARDEL HOTTZ, S/N - OLARIA
1797789	AUXILIAR DE SERVIÇOS GERAIS	CAMILA PINTO DE ALMEIDA	04/06/2016	13 HORAS	FRIBURGUENSE ATLÉTICO CLUBE	RUA JARDEL HOTTZ, S/N - OLARIA
1831096	AUXILIAR DE SERVIÇOS GERAIS	CARLA CRISTINA DAS CHAGAS	04/06/2016	13 HORAS	FRIBURGUENSE ATLÉTICO CLUBE	RUA JARDEL HOTTZ, S/N - OLARIA
1798383	AUXILIAR DE SERVIÇOS GERAIS	CARLA CRISTINA DOS SANTOS	04/06/2016	13 HORAS	FRIBURGUENSE ATLÉTICO CLUBE	RUA JARDEL HOTTZ, S/N - OLARIA
1799099	AUXILIAR DE SERVIÇOS GERAIS	CARLA DA SILVA REIS	04/06/2016	13 HORAS	FRIBURGUENSE ATLÉTICO CLUBE	RUA JARDEL HOTTZ, S/N - OLARIA
1817566	AUXILIAR DE SERVIÇOS GERAIS	CARLA DE FATIMA FERREIRA PINHEIRO	04/06/2016	13 HORAS	FRIBURGUENSE ATLÉTICO CLUBE	RUA JARDEL HOTTZ, S/N - OLARIA
1798450	AUXILIAR DE SERVIÇOS GERAIS	CARLA MARTINS QUINOLR	04/06/2016	13 HORAS	FRIBURGUENSE ATLÉTICO CLUBE	RUA JARDEL HOTTZ, S/N - OLARIA
1799161	AUXILIAR DE SERVIÇOS GERAIS	CARLA PEREIRA DOS SANTOS	04/06/2016	13 HORAS	FRIBURGUENSE ATLÉTICO CLUBE	RUA JARDEL HOTTZ, S/N - OLARIA
1829757	AUXILIAR DE SERVIÇOS GERAIS	CARLA SOARES SILVA DE SOUZA	04/06/2016	13 HORAS	FRIBURGUENSE ATLÉTICO CLUBE	RUA JARDEL HOTTZ, S/N - OLARIA
1798672	AUXILIAR DE SERVIÇOS GERAIS	CARLOS ALBERTO DA SILVA	04/06/2016	13 HORAS	FRIBURGUENSE ATLÉTICO CLUBE	RUA JARDEL HOTTZ, S/N - OLARIA
1798905	AUXILIAR DE SERVIÇOS GERAIS	CARLOS ALBERTO FRANÇA DA CUNHA	04/06/2016	13 HORAS	FRIBURGUENSE ATLÉTICO CLUBE	RUA JARDEL HOTTZ, S/N - OLARIA
1804811	AUXILIAR DE SERVIÇOS GERAIS	CARLOS AUGUSTO DA SILVA	04/06/2016	13 HORAS	FRIBURGUENSE ATLÉTICO CLUBE	RUA JARDEL HOTTZ, S/N - OLARIA
1821806	AUXILIAR DE SERVIÇOS GERAIS	CARLOS EDUARDO MOURA	04/06/2016	13 HORAS	FRIBURGUENSE ATLÉTICO CLUBE	RUA JARDEL HOTTZ, S/N - OLARIA
1829521	AUXILIAR DE SERVIÇOS GERAIS	CARLOS VICTOR MONTEIRO DA COSTA	04/06/2016	13 HORAS	FRIBURGUENSE ATLÉTICO CLUBE	RUA JARDEL HOTTZ, S/N - OLARIA
1791597	AUXILIAR DE SERVIÇOS GERAIS	CAROLINA MONIZ CARDOSO LUCAS	04/06/2016	13 HORAS	FRIBURGUENSE ATLÉTICO CLUBE	RUA JARDEL HOTTZ, S/N - OLARIA
1825699	AUXILIAR DE SERVIÇOS GERAIS	CAROLINE DELGADO SILVA	04/06/2016	13 HORAS	FRIBURGUENSE ATLÉTICO CLUBE	RUA JARDEL HOTTZ, S/N - OLARIA
1834787	AUXILIAR DE SERVIÇOS GERAIS	CAROLINE GONÇALVES THOMAZ	04/06/2016	13 HORAS	FRIBURGUENSE ATLÉTICO CLUBE	RUA JARDEL HOTTZ, S/N - OLARIA
1799477	AUXILIAR DE SERVIÇOS GERAIS	CASSIANO BENAGE VERLY	04/06/2016	13 HORAS	FRIBURGUENSE ATLÉTICO CLUBE	RUA JARDEL HOTTZ, S/N - OLARIA
1827155	AUXILIAR DE SERVIÇOS GERAIS	CELESTE ADRIS DE OLIVEIRA	04/06/2016	13 HORAS	FRIBURGUENSE ATLÉTICO CLUBE	RUA JARDEL HOTTZ, S/N - OLARIA
1816686	AUXILIAR DE SERVIÇOS GERAIS	CÉLIA BARBOSA CARDINOT PEREIRA	04/06/2016	13 HORAS	FRIBURGUENSE ATLÉTICO CLUBE	RUA JARDEL HOTTZ, S/N - OLARIA
1798670	AUXILIAR DE SERVIÇOS GERAIS	CÉLIA REGINA VIEIRA DA MOTTA RODRIGUES	04/06/2016	13 HORAS	FRIBURGUENSE ATLÉTICO CLUBE	RUA JARDEL HOTTZ, S/N - OLARIA
1819952	AUXILIAR DE SERVIÇOS GERAIS	CÉLIO MOTRATTI DE ABREU	04/06/2016	13 HORAS	FRIBURGUENSE ATLÉTICO CLUBE	RUA JARDEL HOTTZ, S/N - OLARIA
1794484	AUXILIAR DE SERVIÇOS GERAIS	CHARLES GOMES DE CASTRO	04/06/2016	13 HORAS	FRIBURGUENSE ATLÉTICO CLUBE	RUA JARDEL HOTTZ, S/N - OLARIA
1799495	AUXILIAR DE SERVIÇOS GERAIS	CHRISTIAN VIANA ALVES	04/06/2016	13 HORAS	FRIBURGUENSE ATLÉTICO CLUBE	RUA JARDEL HOTTZ, S/N - OLARIA
1831008	AUXILIAR DE SERVIÇOS GERAIS	CHRISTIANE PATOKA SIGNORELLI	04/06/2016	13 HORAS	FRIBURGUENSE ATLÉTICO CLUBE	RUA JARDEL HOTTZ, S/N - OLARIA
1803019	AUXILIAR DE SERVIÇOS GERAIS	CHRISTIANE MARTINS FARDIN	04/06/2016	13 HORAS	FRIBURGUENSE ATLÉTICO CLUBE	RUA JARDEL HOTTZ, S/N - OLARIA
1798887	AUXILIAR DE SERVIÇOS GERAIS	CHRISTIANE OLIVEIRA FIDALGO DE MOURA	04/06/2016	13 HORAS	FRIBURGUENSE ATLÉTICO CLUBE	RUA JARDEL HOTTZ, S/N - OLARIA
1809045	AUXILIAR DE SERVIÇOS GERAIS	CHRISTIANE PRESTES DE ALMEIDA ERBE	04/06/2016	13 HORAS	FRIBURGUENSE ATLÉTICO CLUBE	RUA JARDEL HOTTZ, S/N - OLARIA
1820799	AUXILIAR DE SERVIÇOS GERAIS	CINTIA NEVES DA SILVA	04/06/2016	13 HORAS	FRIBURGUENSE ATLÉTICO CLUBE	RUA JARDEL HOTTZ, S/N - OLARIA
1821045	AUXILIAR DE SERVIÇOS GERAIS	CÍCERA DA FONSECA ALMEIDA	04/06/2016	13 HORAS	FRIBURGUENSE ATLÉTICO CLUBE	RUA JARDEL HOTTZ, S/N - OLARIA
1811316	AUXILIAR DE SERVIÇOS GERAIS	CINTIA NUNES	04/06/2016	13 HORAS	FRIBURGUENSE ATLÉTICO CLUBE	RUA JARDEL HOTTZ, S/N - OLARIA
1825994	AUXILIAR DE SERVIÇOS GERAIS	CINTIA ROSANE PEÇANHA	04/06/2016	13 HORAS	FRIBURGUENSE ATLÉTICO CLUBE	RUA JARDEL HOTTZ, S/N - OLARIA
1833319	AUXILIAR DE SERVIÇOS GERAIS	CÍRENE DE OLIVEIRA ASSO	04/06/2016	13 HORAS	FRIBURGUENSE ATLÉTICO CLUBE	RUA JARDEL HOTTZ, S/N - OLARIA
1813327	AUXILIAR DE SERVIÇOS GERAIS	CLAUDIA CRISTINA DE SOUZA DOS SANTOS	04/06/2016	13 HORAS	FRIBURGUENSE ATLÉTICO CLUBE	RUA JARDEL HOTTZ, S/N - OLARIA
1803072	AUXILIAR DE SERVIÇOS GERAIS	CLAUDIA DE AQUINO	04/06/2016	13 HORAS	FRIBURGUENSE ATLÉTICO CLUBE	RUA JARDEL HOTTZ, S/N - OLARIA
1794108	AUXILIAR DE SERVIÇOS GERAIS	CLAUDIA GONÇALVES MACEDO	04/06/2016	13 HORAS	FRIBURGUENSE ATLÉTICO CLUBE	RUA JARDEL HOTTZ, S/N - OLARIA
1800802	AUXILIAR DE SERVIÇOS GERAIS	CLAUDIA MARIA BESSA	04/06/2016	13 HORAS	FRIBURGUENSE ATLÉTICO CLUBE	RUA JARDEL HOTTZ, S/N - OLARIA
1831585	AUXILIAR DE SERVIÇOS GERAIS	CLAUDIA MARIA DOS REIS	04/06/2016	13 HORAS	FRIBURGUENSE ATLÉTICO CLUBE	RUA JARDEL HOTTZ, S/N - OLARIA
1828925	AUXILIAR DE SERVIÇOS GERAIS	CLAUDIANA DA SILVA	04/06/2016	13 HORAS	FRIBURGUENSE ATLÉTICO CLUBE	RUA JARDEL HOTTZ, S/N - OLARIA
1823599	AUXILIAR DE SERVIÇOS GERAIS	CLAUDINEIA FERNANDES SOARES	04/06/2016	13 HORAS	FRIBURGUENSE ATLÉTICO CLUBE	RUA JARDEL HOTTZ, S/N - OLARIA
1832274	AUXILIAR DE SERVIÇOS GERAIS	CLAUDIA BORGES MACHADO	04/06/2016	13 HORAS	FRIBURGUENSE ATLÉTICO CLUBE	RUA JARDEL HOTTZ, S/N - OLARIA
1791864	AUXILIAR DE SERVIÇOS GERAIS	CLEIA PEDRO DE SOUZA PINHEIRO	04/06/2016	13 HORAS	FRIBURGUENSE ATLÉTICO CLUBE	RUA JARDEL HOTTZ, S/N - OLARIA
1817893	AUXILIAR DE SERVIÇOS GERAIS	CLEIDE FERREIRA ROSA THOMAZ	04/06/2016	13 HORAS	FRIBURGUENSE ATLÉTICO CLUBE	RUA JARDEL HOTTZ, S/N - OLARIA
1807695	AUXILIAR DE SERVIÇOS GERAIS	CLEONICE SOBREIRO DA SILVA	04/06/2016	13 HORAS	FRIBURGUENSE ATLÉTICO CLUBE	RUA JARDEL HOTTZ, S/N - OLARIA
1796475	AUXILIAR DE SERVIÇOS GERAIS	CLEUSA CONCEIÇÃO DO CARMO	04/06/2016	13 HORAS	FRIBURGUENSE ATLÉTICO CLUBE	RUA JARDEL HOTTZ, S/N - OLARIA
1823501	AUXILIAR DE SERVIÇOS GERAIS	CRISTIAN DIAS DA SILVA	04/06/2016	13 HORAS	FRIBURGUENSE ATLÉTICO CLUBE	RUA JARDEL HOTTZ, S/N - OLARIA
1826909	AUXILIAR DE SERVIÇOS GERAIS	CRISTIANA DA CONCEIÇÃO JESUS	04/06/2016	13 HORAS	FRIBURGUENSE ATLÉTICO CLUBE	RUA JARDEL HOTTZ, S/N - OLARIA
1826840	AUXILIAR DE SERVIÇOS GERAIS	CRISTIANA DOS SANTOS CRISTÓVÃO	04/06/2016	13 HORAS	FRIBURGUENSE ATLÉTICO CLUBE	RUA JARDEL HOTTZ, S/N - OLARIA
1793365	AUXILIAR DE SERVIÇOS GERAIS	CRISTIANE DE OLIVEIRA JULIAT	04/06/2016	13 HORAS	FRIBURGUENSE ATLÉTICO CLUBE	RUA JARDEL HOTTZ, S/N - OLARIA
1805079	AUXILIAR DE SERVIÇOS GERAIS	CRISTIANE TAVARES DE OLIVEIRA	04/06/2016	13 HORAS	FRIBURGUENSE ATLÉTICO CLUBE	RUA JARDEL HOTTZ, S/N - OLARIA
1831417	AUXILIAR DE SERVIÇOS GERAIS	CRISTIANO FORTUNATO DA FONSECA RAMOS	04/06/2016	13 HORAS	FRIBURGUENSE ATLÉTICO CLUBE	RUA JARDEL HOTTZ, S/N - OLARIA
1821588	AUXILIAR DE SERVIÇOS GERAIS	CRISTINA LEMOS RIBEIRO	04/06/2016	13 HORAS	FRIBURGUENSE ATLÉTICO CLUBE	RUA JARDEL HOTTZ, S/N - OLARIA
1798905	AUXILIAR DE SERVIÇOS GERAIS	CRISTINA RODRIGUES DOS SANTOS CUNHA	04/06/2016	13 HORAS	FRIBURGUENSE ATLÉTICO CLUBE	RUA JARDEL HOTTZ, S/N - OLARIA
1821025	AUXILIAR DE SERVIÇOS GERAIS	CYNTHIA MACHADO DA SILVA	04/06/2016	13 HORAS	FRIBURGUENSE ATLÉTICO CLUBE	RUA JARDEL HOTTZ, S/N - OLARIA
1796540	AUXILIAR DE SERVIÇOS GERAIS	DAIANA ROSARIO DA SILVA	04/06/2016	13 HORAS	FRIBURGUENSE ATLÉTICO CLUBE	RUA JARDEL HOTTZ, S/N - OLARIA
1799101	AUXILIAR DE SERVIÇOS GERAIS	DAIANA DA SILVA GOMES CABRAL	04/06/2016	13 HORAS	FRIBURGUENSE ATLÉTICO CLUBE	RUA JARDEL HOTTZ, S/N - OLARIA
1811313	AUXILIAR DE SERVIÇOS GERAIS	DAIANE BOTELHO DE OLIVEIRA	04/06/2016	13 HORAS	FRIBURGUENSE ATLÉTICO CLUBE	RUA JARDEL HOTTZ, S/N - OLARIA
1808148	AUXILIAR DE SERVIÇOS GERAIS	DAIANE DE PAULA COPOLLE FRAGOSO	04/06/2016	13 HORAS	FRIBURGUENSE ATLÉTICO CLUBE	RUA JARDEL HOTTZ, S/N - OLARIA
1823882	AUXILIAR DE SERVIÇOS GERAIS	DALILA ALBINO DOS SANTOS	04/06/2016	13 HORAS	FRIBURGUENSE ATLÉTICO CLUBE	RUA JARDEL HOTTZ, S/N - OLARIA
1803482	AUXILIAR DE SERVIÇOS GERAIS	DALVA REGINA NOGUEIRA TEIXEIRA	04/06/2016	13 HORAS	FRIBURGUENSE ATLÉTICO CLUBE	RUA JARDEL HOTTZ, S/N - OLARIA
1800805	AUXILIAR DE SERVIÇOS GERAIS	DAMIAO DA SILVA	04/06/2016	13 HORAS	FRIBURGUENSE ATLÉTICO CLUBE	RUA JARDEL HOTTZ, S/N - OLARIA
1825009	AUXILIAR DE SERVIÇOS GERAIS	DANIELA MOTA COSTA	04/06/2016	13 HORAS	FRIBURGUENSE ATLÉTICO CLUBE	RUA JARDEL HOTTZ, S/N - OLARIA
1817809	AUXILIAR DE SERVIÇOS GERAIS	DANIELE DE OLIVEIRA COELHO	04/06/2016	13 HORAS	FRIBURGUENSE ATLÉTICO CLUBE	RUA JARDEL HOTTZ, S/N - OLARIA
1822399	AUXILIAR DE SERVIÇOS GERAIS	DANIELE LEMOS DE LEMOS	04/06/2016	13 HORAS	FRIBURGUENSE ATLÉTICO CLUBE	RUA JARDEL HOTTZ, S/N - OLARIA
1814719	AUXILIAR DE SERVIÇOS GERAIS	DANIELE MONTEIRO DE SOUZA	04/06/2016	13 HORAS	FRIBURGUENSE ATLÉTICO CLUBE	RUA JARDEL HOTTZ, S/N - OLARIA
1824402	AUXILIAR DE SERVIÇOS GERAIS	DANIELE ALMEIDA MARTINS VIEIRA	04/06/2016	13 HORAS	FRIBURGUENSE ATLÉTICO CLUBE	RUA JARDEL HOTTZ, S/N - OLARIA
1829919	AUXILIAR DE SERVIÇOS GERAIS	DANILO BELCHIOR DA SILVA	04/06/2016	13 HORAS	FRIBURGUENSE ATLÉTICO CLUBE	RUA JARDEL HOTTZ, S/N - OLARIA
1798340	AUXILIAR DE SERVIÇOS GERAIS	DARLLAN DO NASCIMENTO GOMES	04/06/2016	13 HORAS	FRIBURGUENSE ATLÉTICO CLUBE	RUA JARDEL HOTTZ, S/N - OLARIA
1822801	AUXILIAR DE SERVIÇOS GERAIS	DAVID ROCHA DE ALMEIDA	04/06/2016	13 HORAS	FRIBURGUENSE ATLÉTICO CLUBE	RUA JARDEL HOTTZ, S/N - OLARIA
1823926	AUXILIAR DE SERVIÇOS GERAIS	DAYANE MACHADO MARTINS	04/06/2016	13 HORAS	FRIBURGUENSE ATLÉTICO CLUBE	RUA JARDEL HOTTZ, S/N - OLARIA
1829769	AUXILIAR DE SERVIÇOS GERAIS	DAYANE RODRIGUES DA SILVA	04/06/2016	13 HORAS	FRIBURGUENSE ATLÉTICO CLUBE	RUA JARDEL HOTTZ, S/N - OLARIA
1791192	AUXILIAR DE SERVIÇOS GERAIS	DEBORAH MURY DA SILVA	04/06/2016	13 HORAS	FRIBURGUENSE ATLÉTICO CLUBE	RUA JARDEL HOTTZ, S/N - OLARIA
1792850	AUXILIAR DE SERVIÇOS GERAIS	DEBORAH TEIXEIRA SOUZA	04/06/2016	13 HORAS	FRIBURGUENSE ATLÉTICO CLUBE	RUA JARDEL HOTTZ, S/N - OLARIA
1830319	AUXILIAR DE SERVIÇOS GERAIS	DEJANIRA RODRIGUES CORREA	04/06/2016	13 HORAS	FRIBURGUENSE ATLÉTICO CLUBE	RUA JARDEL HOTTZ, S/N - OLARIA
1823590	AUXILIAR DE SERVIÇOS GERAIS	DELCIDEIDE ALCEMIRA OLIVEIRA	04/06/2016	13 HORAS	FRIBURGUENSE ATLÉTICO CLUBE	RUA JARDEL HOTTZ, S/N - OLARIA
1796202	AUXILIAR DE SERVIÇOS GERAIS	DEMERSON DE CASTRO	04/06/2016	13 HORAS	FRIBURGUENSE ATLÉTICO CLUBE	RUA JARDEL HOTTZ, S/N - OLARIA
1820004	AUXILIAR DE SERVIÇOS GERAIS	DENILDE MARIA DA ROSA	04/06/2016	13 HORAS	FRIBURGUENSE ATLÉTICO CLUBE	RUA JARDEL HOTTZ, S/N - OLARIA
1811279	AUXILIAR DE SERVIÇOS GERAIS	DENISE MACEDO SEQUEIRA	04/06/2016	13 HORAS	FRIBURGUENSE ATLÉTICO CLUBE	RUA JARDEL HOTTZ, S/N - OLARIA
1833722	AUXILIAR DE SERVIÇOS GERAIS	DENISE DE CARVALHO FERREIRA	04/06/2016	13 HORAS	FRIBURGUENSE ATLÉTICO CLUBE	RUA JARDEL HOTTZ, S/N - OLARIA
1818909	AUXILIAR DE SERVIÇOS GERAIS	DENISE MARIA DA SILVA NUNES	04/06/2016	13 HORAS	FRIBURGUENSE ATLÉTICO CLUBE	RUA JARDEL HOTTZ, S/N - OLARIA
1830098	AUXILIAR DE SERVIÇOS GERAIS	DIANA SCHUENCK FILIPE	04/06/2016	13 HORAS	FRIBURGUENSE ATLÉTICO CLUBE	RUA JARDEL HOTTZ, S/N - OLARIA
1811287	AUXILIAR DE SERVIÇOS GERAIS	DIANE MARIE FONTES	04/06/2016	13 HORAS	FRIBURGUENSE ATLÉTICO CLUBE	RUA JARDEL HOTTZ, S/N - OLARIA
1823212	AUXILIAR DE SERVIÇOS GERAIS	DIEGO ANDRADE PINTO	04/06/2016	13 HORAS	FRIBURGUENSE ATLÉTICO CLUBE	RUA JARDEL HOTTZ, S/N - OLARIA
1813300	AUXILIAR DE SERVIÇOS GERAIS	DIEGO BUSSINGER LISBOA	04/06/2016	13 HORAS	FRIBURGUENSE ATLÉTICO CLUBE	RUA JARDEL HOTTZ, S/N - OLARIA
1821317	AUXILIAR DE SERVIÇOS GERAIS	DIEGO DE SOUZA ANSELDI	04/06/2016	13 HORAS	FRIBURGUENSE ATLÉTICO CLUBE	RUA JARDEL HOTTZ, S/N - OLARIA
1822077	AUXILIAR DE SERVIÇOS GERAIS	DIEGO FEITOZA RODRIGUES	04/06/2016	13 HORAS	FRIBURGUENSE ATLÉTICO CLUBE	RUA JARDEL HOTTZ, S/N - OLARIA
1829007	AUXILIAR DE SERVIÇOS GERAIS	DIEGO SOARES FERREIRA	04/06/2016	13 HORAS	FRIBURGUENSE ATLÉTICO CLUBE	RUA JARDEL HOTTZ, S/N - OLARIA
1801340	AUXILIAR DE SERVIÇOS GERAIS	DIMAHARA TEIXEIRA ZORDO	04/06/2016	13 HORAS	FRIBURGUENSE ATLÉTICO CLUBE	RUA JARDEL HOTTZ, S/N - OLARIA
1828930	AUXILIAR DE SERVIÇOS GERAIS	DINEA MARQUES REIS	04/06/2016	13 HORAS	FRIBURGUENSE ATLÉTICO CLUBE	RUA JARDEL HOTTZ, S/N - OLARIA
1818190	AUXILIAR DE SERVIÇOS GERAIS	DIONISIA MARIA MARTINS	04/06/2016	13 HORAS	FRIBURGUENSE ATLÉTICO CLUBE	RUA JARDEL HOTTZ, S/N - OLARIA
1824849	AUXILIAR DE SERVIÇOS GERAIS	DIONISE REGINA LOPES	04/06/2016	13 HORAS	FRIBURGUENSE ATLÉTICO CLUBE	RUA JARDEL HOTTZ, S/N - OLARIA
1796710	AUXILIAR DE SERVIÇOS GERAIS	DOUGLAS DA SILVA DE SOUZA	04/06/2016	13 HORAS	FRIBURGUENSE ATLÉTICO CLUBE	RUA JARDEL HOTTZ, S/N - OLARIA
1793491	AUXILIAR DE SERVIÇOS GERAIS	DOUGLAS SIQUEIRA DA SILVA	04/06/2016	13 HORAS	FRIBURGUENSE ATLÉTICO CLUBE	RUA JARDEL HOTTZ, S/N - OLARIA
1822190	AUXILIAR DE SERVIÇOS GERAIS	DULCINEA BRIAMS SILVA	04/06/2016	13 HORAS	FRIBURGUENSE ATLÉTICO CLUBE	RUA JARDEL HOTTZ, S/N - OLARIA
1833139	AUXILIAR DE SERVIÇOS GERAIS	DULCINEIA OLIVEIRA	04/06/2016	13 HORAS	FRIBURGUENSE ATLÉTICO CLUBE	RUA JARDEL HOTTZ, S/N - OLARIA
1808969	AUXILIAR DE SERVIÇOS GERAIS	EDILAINE APARECIDA NASCIMENTO DE MOURA	04/06/2016	13 HORAS	FRIBURGUENSE ATLÉTICO CLUBE	RUA JARDEL HOTTZ, S/N - OLARIA
1821305	AUXILIAR DE SERVIÇOS GERAIS	EDILAINE CARVALHO STEVES	04/06/2016	13 HORAS	FRIBURGUENSE ATLÉTICO CLUBE	RUA JARDEL HOTTZ, S/N - OLARIA
1828398	AUXILIAR DE SERVIÇOS GERAIS	EDILAINE DO NASCIMENTO COELHO	04/06/2016	13 HORAS	FRIBURGUENSE ATLÉTICO CLUBE	RUA JARDEL HOTTZ, S/N - OLARIA
1806900	AUXILIAR DE SERVIÇOS GERAIS	EDILEUSA RODRIGUES GOMES	04/06/2016	13 HORAS	FRIBURGUENSE ATLÉTICO CLUBE	RUA JARDEL HOTTZ, S/N - OLARIA
1820400	AUXILIAR DE SERVIÇOS GERAIS	EDNA DOS SANTOS SIQUEIRA	04/06/2016	13 HORAS	FRIBURGUENSE ATLÉTICO CLUBE	RUA JARDEL HOTTZ, S/N - OLARIA
1819140	AUXILIAR DE SERVIÇOS GERAIS	EDNA MONTEIRO DE SOUZA	04/06/2016	13 HORAS	FRIBURGUENSE ATLÉTICO CLUBE	RUA JARDEL HOTTZ, S/N - OLARIA
1830126	AUXILIAR DE SERVIÇOS GERAIS	EDNA VIEIRA DE SOUZA	04/06/2016	13 HORAS	FRIBURGUENSE ATLÉTICO CLUBE	RUA JARDEL HOTTZ, S/N - OLARIA
1833939	AUXILIAR DE SERVIÇOS GERAIS	EDSON DOS SANTOS DE SOUZA AQUINO DA SILVA	04/06/2016	13 HORAS	FRIBURGUENSE ATLÉTICO CLUBE	RUA JARDEL HOTTZ, S/N - OLARIA
1824921	AUXILIAR DE SERVIÇOS GERAIS	EDUARDO RIBEIRO DE SOUZA	04/06/2016	13 HORAS	FRIBURGUENSE ATLÉTICO CLUBE	RUA JARDEL HOTTZ, S/N - OLARIA
1824921	AUXILIAR DE SERVIÇOS GERAIS	EDUARDO SILVA DE ALMEIDA	04/06/2016	13 HORAS	FRIBURGUENSE ATLÉTICO CLUBE	RUA JARDEL HOTTZ, S/N - OLARIA
1812430	AUXILIAR DE SERVIÇOS GERAIS	ELAINE APARECIDA DE OLIVEIRA SOUZA	04/06/2016	13 HORAS	FRIBURGUENSE ATLÉTICO CLUBE	RUA JARDEL HOTTZ, S/N - OLARIA
1823710	AUXILIAR DE SERVIÇOS GERAIS	ELAINE MOREIRA DE SOUZA	04/06/2016	13 HORAS	FRIBURGUENSE ATLÉTICO CLUBE	RUA JARDEL HOTTZ, S/N - OLARIA
1808870	AUXILIAR DE SERVIÇOS GERAIS	ELAINE RODRIGUES SILVA	04/06/2016	13 HORAS	FRIBURGUENSE ATLÉTICO CLUBE	RUA JARDEL HOTTZ, S/N - OLARIA
1803930	AUXILIAR DE SERVIÇOS GERAIS	ELAINE RODRIGUES ALVES	04/06/2016	13 HORAS	FRIBURGUENSE ATLÉTICO CLUBE	RUA JARDEL HOTTZ, S/N - OLARIA
1793118	AUXILIAR DE SERVIÇOS GERAIS	ELAINE FERNANDES DA SILVA	04/06/2016	13 HORAS	FRIBURGUENSE ATLÉTICO CLUBE	RUA JARDEL HOTTZ, S/N - OLARIA
1829517	AUXILIAR DE SERVIÇOS GERAIS	ELAINE MARTINS DE OLIVEIRA	04/06/2016	13 HORAS	FRIBURGUENSE ATLÉTICO CLUBE	RUA JARDEL HOTTZ, S/N - OLARIA
1795779	AUXILIAR DE SERVIÇOS GERAIS	ELAINE SIMAS DE SOUZA	04/06/2016	13 HORAS	FRIBURGUENSE ATLÉTICO CLUBE	RUA JARDEL HOTTZ, S/N - OLARIA
1822499	AUXILIAR DE SERVIÇOS GERAIS	ELIANA BORBA SAMPAIO	04/06/2016	13 HORAS	FRIBURGUENSE ATLÉTICO CLUBE	RUA JARDEL HOTTZ, S/N - OLARIA
1813800	AUXILIAR DE SERVIÇOS GERAIS	ELIANA DE SOUZA ROSA	04/06/2016	13 HORAS	FRIBURGUENSE ATLÉTICO CLUBE	RUA JARDEL HOTTZ, S/N - OLARIA
1804893	AUXILIAR DE SERVIÇOS GERAIS	ELENA DOS SANTOS	04/06/2016	13 HORAS	FRIBURGUENSE ATLÉTICO CLUBE	RUA JARDEL HOTTZ, S/N - OLARIA
1826510	AUXILIAR DE SERVIÇOS GERAIS	ELENICE MONTEIRO FERNANDES	04/06/2016	13 HORAS	FRIBURGUENSE ATLÉTICO CLUBE	RUA JARDEL HOTTZ, S/N - OLARIA
1811100	AUXILIAR DE SERVIÇOS GERAIS	ELIANE PROTASIO MANTINS	04/06/2016	13 HORAS	FRIBURGUENSE ATLÉTICO CLUBE	RUA JARDEL HOTTZ, S/N - OLARIA
1821316	AUXILIAR DE SERVIÇOS GERAIS	ELIANE PALHANO DE CARVALHO GOMES	04/06/2016	13 HORAS	FRIBURGUENSE ATLÉTICO CLUBE	RUA JARDEL HOTTZ, S/N - OLARIA
1821319	AUXILIAR DE SERVIÇOS GERAIS	ELIENE ESTRES BOMGARD AZAME	04/06/2016	13 HORAS	FRIBURGUENSE ATLÉTICO CLUBE	RUA JARDEL HOTTZ, S/N - OLARIA
1827999	AUXILIAR DE SERVIÇOS GERAIS	ELISABETE GRAÇA DA SILVA	04/06/2016	13 HORAS	FRIBURGUENSE ATLÉTICO CLUBE	RUA JARDEL HOTTZ, S/N - OLARIA
1818299	AUXILIAR DE SERVIÇOS GERAIS	ELISANGELA GARANA SANTOS	04/06/2016	13 HORAS	FRIBURGUENSE ATLÉTICO CLUBE	RUA JARDEL HOTTZ, S/N - OLARIA
1828980	AUXILIAR DE SERVIÇOS GERAIS	ELISANGELA DA ROSA HOTTZ	04/06/2016	13 HORAS	FRIBURGUENSE ATLÉTICO CLUBE	RUA JARDEL HOTTZ, S/N - OLARIA
1816540	AUXILIAR DE SERVIÇOS GERAIS	ELISANGELA DOS SANTOS	04/06/2016	13 HORAS	FRIBURGUENSE ATLÉTICO CLUBE	RUA JARDEL HOTTZ, S/N - OLARIA
1829110	AUXILIAR DE SERVIÇOS GERAIS	ELISANGELA MARQUES CONSTÉ	04/06/2016	13 HORAS	FRIBURGUENSE ATLÉTICO CLUBE	RUA JARDEL HOTTZ, S/N - OLARIA
1815148	AUXILIAR DE SERVIÇOS GERAIS	ELISABETE FRANCISCO BRAGA	04/06/2016	13 HORAS	FRIBURGUENSE ATLÉTICO CLUBE	RUA JARDEL HOTTZ, S/N - OLARIA
1823788	AUXILIAR DE SERVIÇOS GERAIS	ELIZABETE BLANCHIER GOMES	04/06/2016	13 HORAS	FRIBURGUENSE ATLÉTICO CLUBE	RUA JARDEL HOTTZ, S/N - OLARIA
1822199	AUXILIAR DE SERVIÇOS GERAIS	ELIZABETE FERREIRA DA SILVA	04/06/2016	13 HORAS	FRIBURGUENSE ATLÉTICO CLUBE	RUA JARDEL HOTTZ, S/N - OLARIA
1798850	AUXILIAR DE SERVIÇOS GERAIS	ELIZABETE MARTINS DE FREITAS	04/06/2016	13 HORAS	FRIBURGUENSE ATLÉTICO CLUBE	RUA JARDEL HOTTZ, S/N - OLARIA
1811181	AUXILIAR DE SERVIÇOS GERAIS	ELIZANGELA SERRANO NUNES	04/06/2016	13 HORAS	FRIBURGUENSE ATLÉTICO CLUBE	RUA JARDEL HOTTZ, S/N - OLARIA
1820010	AUXILIAR DE SERVIÇOS GERAIS	ELIZANGELA DE SOUZA	04/06/2016	13 HORAS	FRIBURGUENSE ATLÉTICO CLUBE	RUA JARDEL HOTTZ, S/N - OLARIA
1831189	AUXILIAR DE SERVIÇOS GERAIS	ELSA SOUZA DOS SANTOS	04/06/2016	13 HORAS	FRIBURGUENSE ATLÉTICO CLUBE	RUA JARDEL HOTTZ, S/N - OLARIA
1813600	AUXILIAR DE SERVIÇOS GERAIS	ELZA MARIA DA SILVA	04/06/2016	13 HORAS	FRIBURGUENSE ATLÉTICO CLUBE	RUA JARDEL HOTTZ, S/N - OLARIA
1795180	AUXILIAR DE SERVIÇOS GERAIS	EMERSON DA SILVA	04/06/2016	13 HORAS	FRIBURGUENSE ATLÉTICO CLUBE	RUA JARDEL HOTTZ, S/N - OLARIA
1820002	AUXILIAR DE SERVIÇOS GERAIS	EMY DOS SANTOS GOULART	04/06/2016	13 HORAS	FRIBURGUENSE ATLÉTICO CLUBE	RUA JARDEL HOTTZ, S/N - OLARIA
1798949	AUXILIAR DE SERVIÇOS GERAIS	ERASMO DOS SANTOS	04/06/2016	13 HORAS	FRIBURGUENSE ATLÉTICO CLUBE	RUA JARDEL HOTTZ, S/N - OLARIA
1831719	AUXILIAR DE SERVIÇOS GERAIS	ERICA DE CARVALHO BAPTISTA	04/06/2016	13 HORAS	FRIBURGUENSE ATLÉTICO CLUBE	RUA JARDEL HOTTZ, S/N - OLARIA
1796491	AUXILIAR DE SERVIÇOS GERAIS	ERICA VIEIRA MONTEIRO	04/06/2016	13 HORAS	FRIBURGUENSE ATLÉTICO CLUBE	RUA JARDEL HOTTZ, S/N - OLARIA
1822933	AUXILIAR DE SERVIÇOS GERAIS	ESTELA PEREIRA BELLO	04/06/2016	13 HORAS	FRIBURGUENSE ATLÉTICO CLUBE	RUA JARDEL HOTTZ, S/N - OLARIA
1830117	AUXILIAR DE SERVIÇOS GERAIS	ESTER DE SOUZA BARBOSA	04/06/2016	13 HORAS	FRIBURGUENSE ATLÉTICO CLUBE	RUA JARDEL HOTTZ, S/N - OLARIA
1811090	AUXILIAR DE SERVIÇOS GERAIS	EUNICE COSTA DA SILVA	04/06/2016	13 HORAS	FRIBURGUENSE ATLÉTICO CLUBE	RUA JARDEL HOTTZ, S/N - OLARIA
1806467	AUXILIAR DE SERVIÇOS GERAIS	EVANIA DA SILVA DE TEODORO	04/06/2016	13 HORAS	FRIBURGUENSE ATLÉTICO CLUBE	RUA JARDEL HOTTZ, S/N - OLARIA
1793311	AUXILIAR DE SERVIÇOS GERAIS	EVANIR GOMES DE PAULA	04/06/2016	13 HORAS	FRIBURGUENSE ATLÉTICO CLUBE	RUA JARDEL HOTTZ, S/N - OLARIA
1821800	AUXILIAR DE SERVIÇOS GERAIS	EVERTON PEREIRA DE SOUZA	04/06/2016	13 HORAS	FRIBURGUENSE ATLÉTICO CLUBE	RUA JARDEL HOTTZ, S/N - OLARIA
1819100	AUXILIAR DE SERVIÇOS GERAIS	EZEQUIEL ARCANJO	04/06/2016	13 HORAS	FRIBURGUENSE ATLÉTICO CLUBE	RUA JARDEL HOTTZ, S/N - OLARIA
1831120	AUXILIAR DE SERVIÇOS GERAIS	FABIANA BENVINDO	04/06/2016	13 HORAS	FRIBURGUENSE ATLÉTICO CLUBE	RUA JARDEL HOTTZ, S/N - OLARIA
1817899	AUXILIAR DE SERVIÇOS GERAIS	FABIANA DE ALMEIDA PEREIRA	04/06/2016	13 HORAS	FRIBURGUENSE ATLÉTICO CLUBE	RUA JARDEL HOTTZ, S/N - OLARIA
1795020	AUXILIAR DE SERVIÇOS GERAIS	FABIANA MEDEIROS	04/06/2016	13 HORAS	FRIBURGUENSE ATLÉTICO CLUBE	RUA JARDEL HOTTZ, S/N - OLARIA
1820031	AUXILIAR DE SERVIÇOS GERAIS	FABIANA NEVES TEIXEIRA	04/06/2016	13 HORAS	FRIBURGUENSE ATLÉTICO CLUBE	RUA JARDEL HOTTZ, S/N - OLARIA
1823920	AUXILIAR DE SERVIÇOS GERAIS	FABIANA RAMOS	04/06/2016	13 HORAS	FRIBURGUENSE ATLÉTICO CLUBE	RUA JARDEL HOTTZ, S/N - OLARIA
1824511	AUXILIAR DE SERVIÇOS GERAIS	FABIO DE SOUZA SANTOS	04/06/2016	13 HORAS	FRIBURGUENSE ATLÉTICO CLUBE	RUA JARDEL HOTTZ, S/N - OLARIA
1810300	AUXILIAR DE SERVIÇOS GERAIS	FABIOLA DA SILVA	04/06/2016	13 HORAS	FRIBURGUENSE ATLÉTICO CLUBE	RUA JARDEL HOTTZ, S/N - OLARIA
1829509	AUXILIAR DE SERVIÇOS GERAIS	FABIOLA FREITAS DO NASCIMENTO	04/06/2016	13 HORAS	FRIBURGUENSE ATLÉTICO CLUBE	RUA JARDEL HOTTZ, S/N - OLARIA
1831230	AUXILIAR DE SERVIÇOS GERAIS	FABIO KRUPP GALIEM	04/06/2016	13 HORAS	FRIBURGUENSE ATLÉTICO CLUBE	RUA JARDEL HOTTZ, S/N - OLARIA
1808929	AUXILIAR DE SERVIÇOS GERAIS	FATIMA CARDOSO SILVA	04/06/2016	13 HORAS	FRIBURGUENSE ATLÉTICO CLUBE	RUA JARDEL HOTTZ, S/N - OLARIA
1806617	AUXILIAR DE SERVIÇOS GERAIS	FELIPE AGUSTO DO BOTELHO	04/06/2016	13 HORAS	FRIBURGUENSE ATLÉTICO CLUBE	RUA JARDEL HOTTZ, S/N - OLARIA
1804321	AUXILIAR DE SERVIÇOS GERAIS	FELIPE DE LAZARO PERES	04/06/2016	13 HORAS	FRIBURGUENSE ATLÉTICO CLUBE	RUA JARDEL HOTTZ, S/N - OLARIA
1829799	AUXILIAR DE SERVIÇOS GERAIS	FERNANDA ALVES DE SOUZA	04/06/2016	13 HORAS	FRIBURGUENSE ATLÉTICO CLUBE	RUA JARDEL HOTTZ, S/N - OLARIA
1824090	AUXILIAR DE SERVIÇOS GERAIS	FERNANDA ANTUNES	04/06/2016	13 HORAS	FRIBURGUENSE ATLÉTICO CLUBE	RUA JARDEL HOTTZ, S/N - OLARIA
1830099	AUXILIAR DE SERVIÇOS GERAIS	FERNANDA DE SOUZA MARTINS	04/06/2016	13 HORAS	FRIBURGUENSE ATLÉTICO CLUBE	RUA JARDEL HOTTZ, S/N - OLARIA
1818199	AUXILIAR DE SERVIÇOS GERAIS	FERNANDA DE SOUZA OLIVEIRA	04/06/2016	13 HORAS	FRIBURGUENSE ATLÉTICO CLUBE	RUA JARDEL HOTTZ, S/N - OLARIA
1834431	AUXILIAR DE SERVIÇOS GERAIS	FERNANDA FERREIRA PEREIRA	04/06/2016	13 HORAS	FRIBURGUENSE ATLÉTICO CLUBE	RUA JARDEL HOTTZ, S/N - OLARIA
1830121	AUXILIAR DE SERVIÇOS GERAIS	FERNANDA RODRIGUES MACEDO	04/06/2016	13 HORAS	FRIBURGUENSE ATLÉTICO CLUBE	RUA JARDEL HOTTZ, S/N - OLARIA
1819939	AUXILIAR DE SERVIÇOS GERAIS	FERNANDO DE OLIVEIRA	04/06/2016	13 HORAS	FRIBURGUENSE ATLÉTICO CLUBE	RUA JARDEL HOTTZ, S/N - OLARIA
1799191	AUXILIAR DE SERVIÇOS GERAIS	FLAVIA AGRA DA SILVA	04/06/2016	13 HORAS	FRIBURGUENSE ATLÉTICO CLUBE	RUA JARDEL HOTTZ, S/N - OLARIA
1816333	AUXILIAR DE SERVIÇOS GERAIS	FLAVIA DA LUZ MORAIS	04/06/2016	13 HORAS	FRIBURGUENSE ATLÉTICO CLUBE	RUA JARDEL HOTTZ, S/N - OLARIA
1817818	AUXILIAR DE SERVIÇOS GERAIS	FLAVIA DE SOUZA REIS	04/06/2016	13 HORAS	FRIBURGUENSE ATLÉTICO CLUBE	RUA JARDEL HOTTZ, S/N - OLARIA
1829103	AUXILIAR DE SERVIÇOS GERAIS	FRANCISCA ALVES DE SOUZA	04/06/2016	13 HORAS	FRIBURGUENSE ATLÉTICO CLUBE	RUA JARDEL HOTTZ, S/N - OLARIA
1823599	AUXILIAR DE SERVIÇOS GERAIS	FRANCISCO CARLOS DE OLIVEIRA	04/06/2016	13 HORAS	FRIBURGUENSE ATLÉTICO CLUBE	RUA JARDEL HOTTZ, S/N - OLARIA
1806519	AUXILIAR DE SERVIÇOS GERAIS	FRANCISCO CESAR COSTA	04/06/2016	13 HORAS	FRIBURGUENSE ATLÉTICO CLUBE	RUA JARDEL HOTTZ, S/N - OLARIA
1821118	AUXILIAR DE SERVIÇOS GERAIS	FRANCISCO DE ASSIS DA SILVA	04/06/2016	13 HORAS	FRIBURGUENSE ATLÉTICO CLUBE	RUA JARDEL HOTTZ, S/N - OLARIA
1820097	AUXILIAR DE SERVIÇOS GERAIS	GABRIEL DE SOUZA LIMA	04/06/2016	13 HORAS	FRIBURGUENSE ATLÉTICO CLUBE	RUA JARDEL HOTTZ, S/N - OLARIA
1833939	AUXILIAR DE SERVIÇOS GERAIS	GABRIELA BEZERRA	04/06/2016	13 HORAS	FRIBURGUENSE ATLÉTICO CLUBE	RUA JARDEL HOTTZ, S/N - OLARIA
1826110	AUXILIAR DE SERVIÇOS GERAIS	GABRIELA GONÇALVES	04/06/2016	13 HORAS	FRIBURGUENSE ATLÉTICO CLUBE	RUA JARDEL HOTTZ, S/N - OLARIA
1831101	AUXILIAR DE SERVIÇOS GERAIS	GABRIELA PIRES DA SILVA	04/06/2016	13 HORAS	FRIBURGUENSE ATLÉTICO CLUBE	RUA JARDEL HOTTZ, S/N - OLARIA
1829900	AUXILIAR DE SERVIÇOS GERAIS	GEORGE LUIZ DOS REIS	04/06/2016	13 HORAS	FRIBURGUENSE ATLÉTICO CLUBE	RUA JARDEL HOTTZ, S/N - OLARIA
1799430	AUXILIAR DE SERVIÇOS GERAIS	GERALDA DE OLIVEIRA	04/06/2016	13 HORAS	FRIBURGUENSE ATLÉTICO CLUBE	RUA JARDEL HOTTZ, S/N - OLARIA
1813219	AUXILIAR DE SERVIÇOS GERAIS	GEOVANI MOTA DA SILVA	04/06/2016	13 HORAS	FRIBURGUENSE ATLÉTICO CLUBE	RUA JARDEL HOTTZ, S/N - OLARIA
1806470	AUXILIAR DE SERVIÇOS GERAIS	GIOVANNA ALVES MENEZES	04/06/2016	13 HORAS	FRIBURGUENSE ATLÉTICO CLUBE	RUA JARDEL HOTTZ, S/N - OLARIA
1822990	AUXILIAR DE SERVIÇOS GERAIS	GISELE DE SOUZA MOREIRA	04/06/2016	13 HORAS	FRIBURGUENSE ATLÉTICO CLUBE	RUA JARDEL HOTTZ, S/N - OLARIA
1798309	AUXILIAR DE SERVIÇOS GERAIS	GISLAINE DE OLIVEIRA	04/06/2016	13 HORAS	FRIBURGUENSE ATLÉTICO CLUBE	RUA JARDEL HOTTZ, S/N - OLARIA
1830300	AUXILIAR DE SERVIÇOS GERAIS	GLAUCIA MARIA DE SOUZA	04/06/2016	13 HORAS	FRIBURGUENSE ATLÉTICO CLUBE	RUA JARDEL HOTTZ, S/N - OLARIA
1818309	AUXILIAR DE SERVIÇOS GERAIS	GRACIELA DE ASSIS MORAES	04/06/2016	13 HORAS	FRIBURGUENSE ATLÉTICO CLUBE	RUA JARDEL HOTTZ, S/N - OLARIA
1821211	AUXILIAR DE SERVIÇOS GERAIS	GRAZIELA GOMES DE SOUZA	04/06/2016	13 HORAS	FRIBURGUENSE ATLÉTICO CLUBE	RUA JARDEL HOTTZ, S/N - OLARIA
1810880	AUXILIAR DE SERVIÇOS GERAIS	GUILHERME DOS SANTOS	04/06/2016	13 HORAS	FRIBURGUENSE ATLÉTICO CLUBE	RUA JARDEL HOTTZ, S/N - OLARIA
1832117	AUXILIAR DE SERVIÇOS GERAIS	GUSTAVO SILVA DE LIMA	04/06/2016	13 HORAS	FRIBURGUENSE ATLÉTICO CLUBE	RUA JARDEL HOTTZ, S/N - OLARIA
1828008	AUXILIAR DE SERVIÇOS GERAIS	HANNA DE SOUZA ROSA	04/06/2016	13 HORAS	FRIBURGUENSE ATLÉTICO CLUBE	RUA JARDEL HOTTZ, S/N - OLARIA
1823450	AUXILIAR DE SERVIÇOS GERAIS	HAYLA PALLETI DE ARAGÃO	04/06/2016	13 HORAS	FRIBURGUENSE ATLÉTICO CLUBE	RUA JARDEL HOTTZ, S/N - OLARIA
